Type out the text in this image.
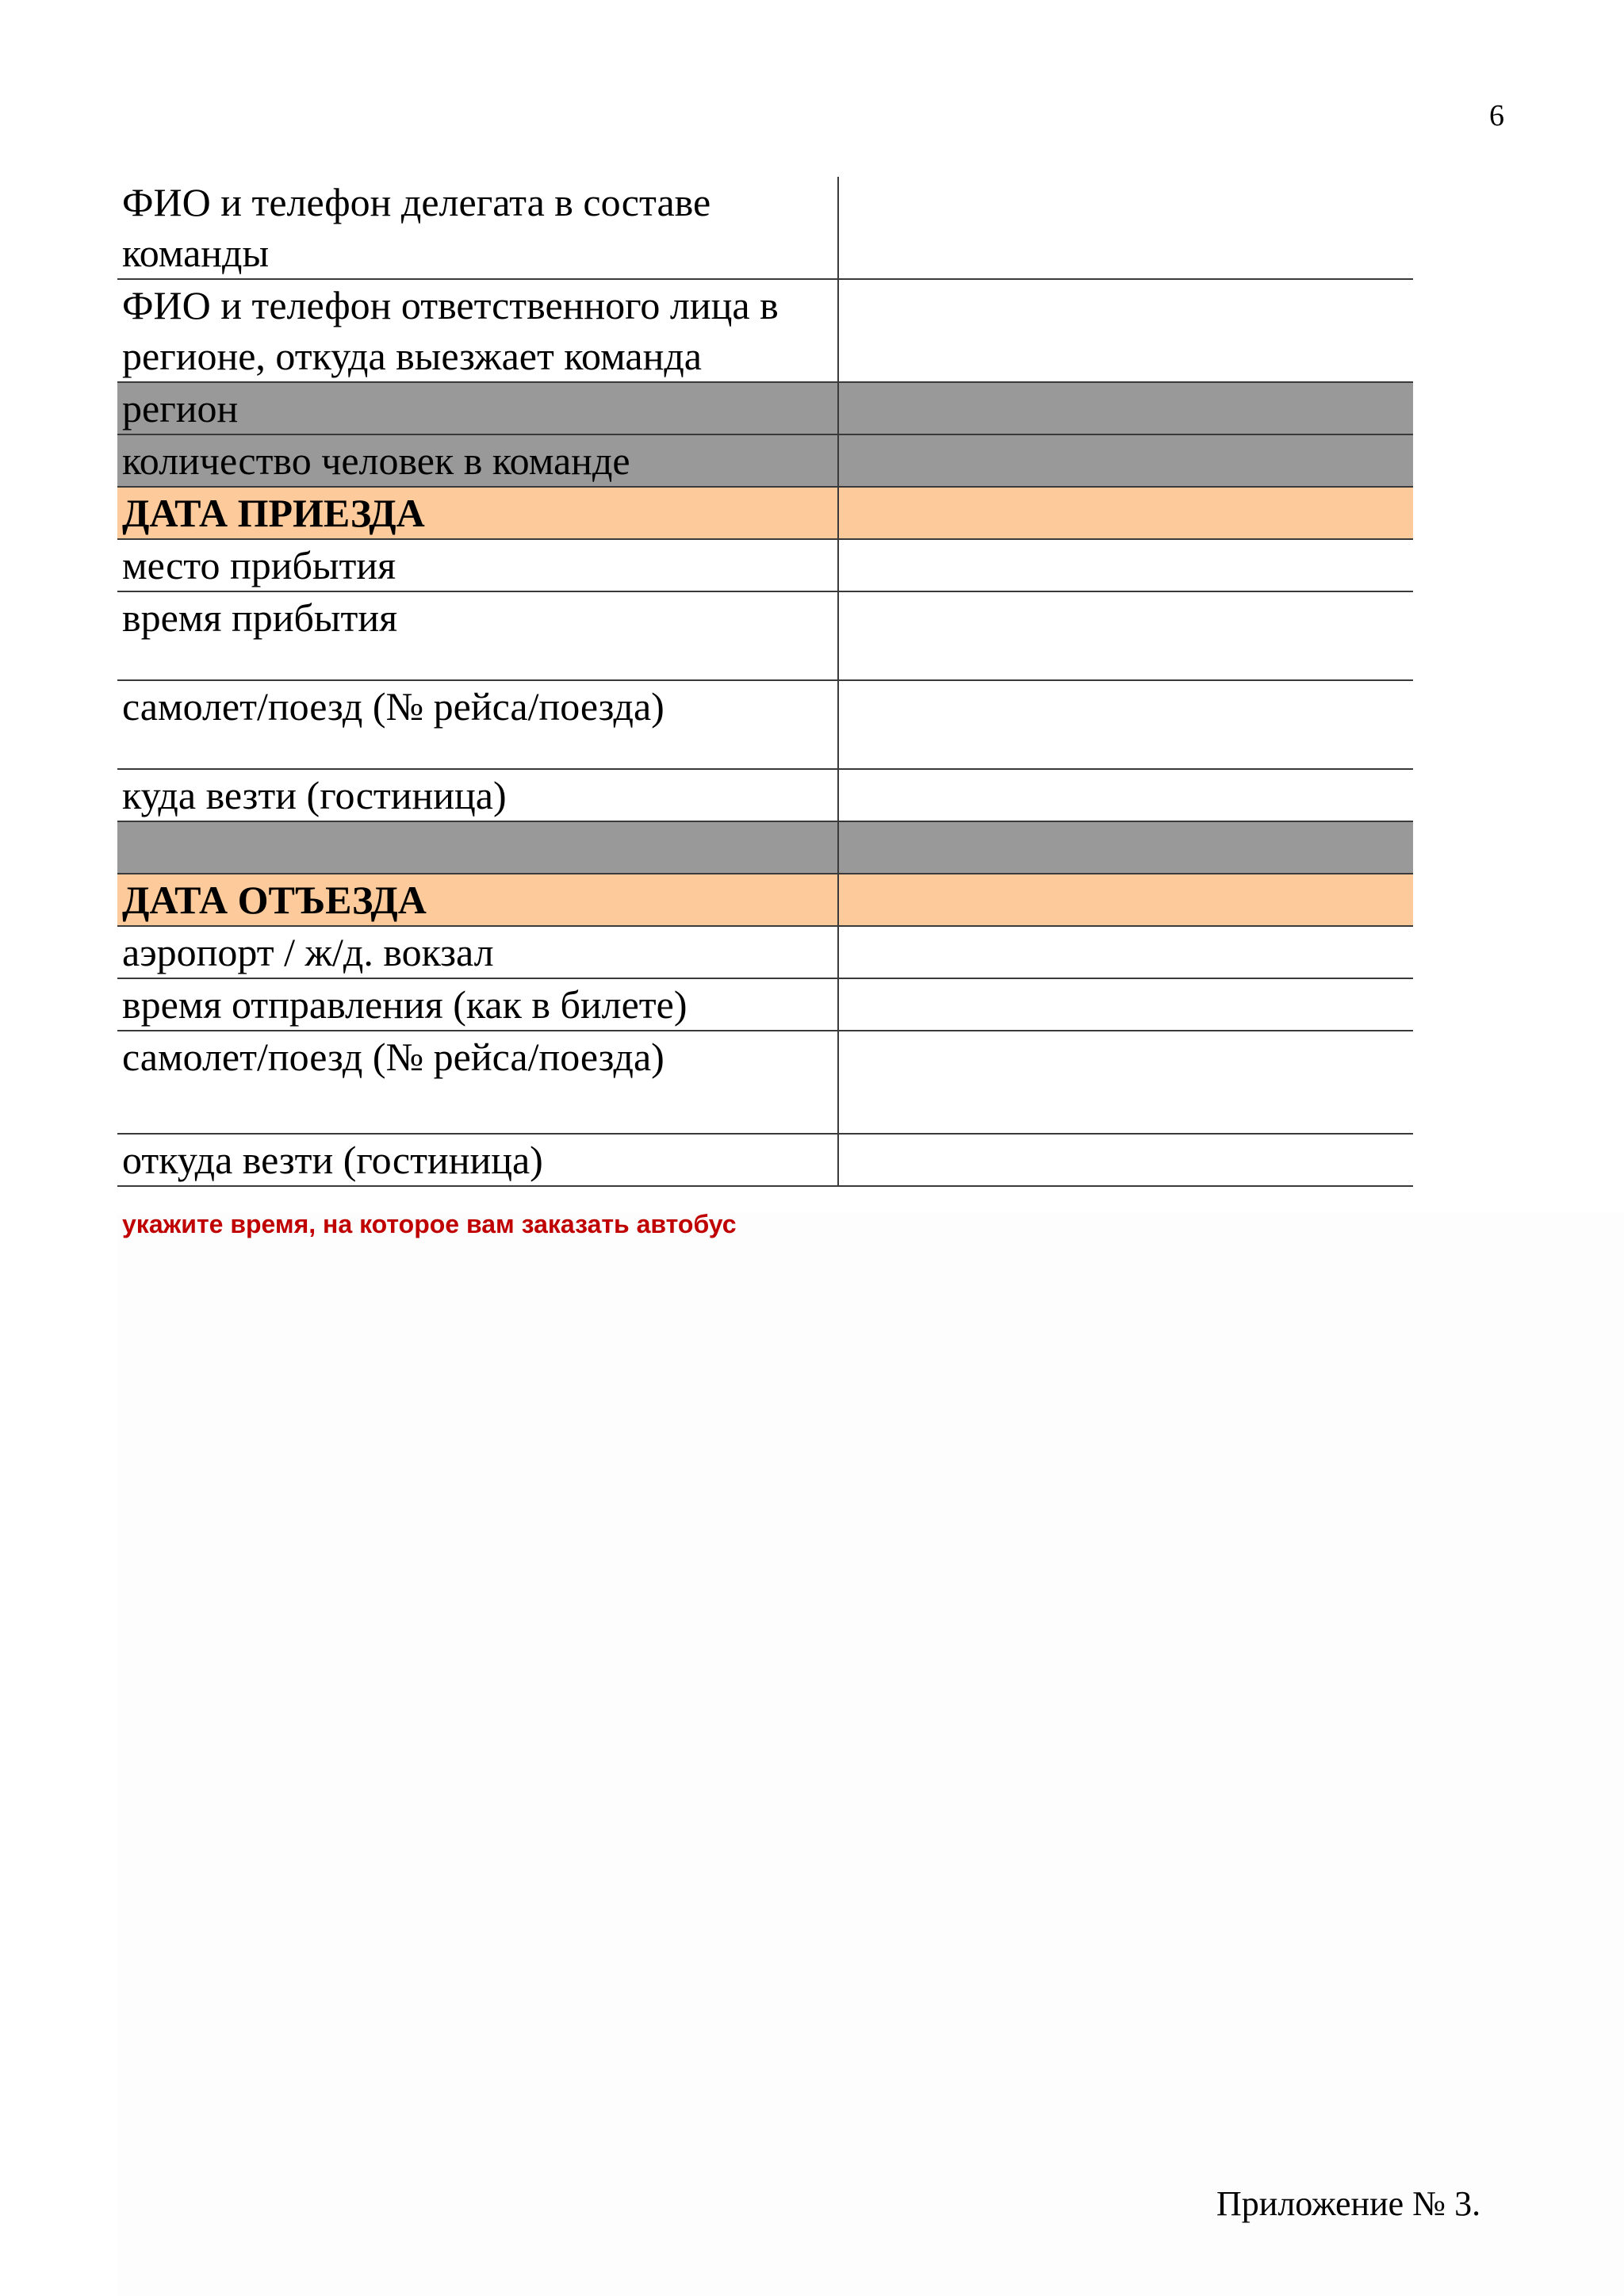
6
ФИО и телефон делегата в составе команды	
ФИО и телефон ответственного лица в регионе, откуда выезжает команда	
регион	
количество человек в команде	
ДАТА ПРИЕЗДА	
место прибытия	
время прибытия	
самолет/поезд (№ рейса/поезда)	
куда везти (гостиница)	

ДАТА ОТЪЕЗДА	
аэропорт / ж/д. вокзал	
время отправления (как в билете)	
самолет/поезд (№ рейса/поезда)	
откуда везти (гостиница)	
укажите время, на которое вам заказать автобус
Приложение № 3.
